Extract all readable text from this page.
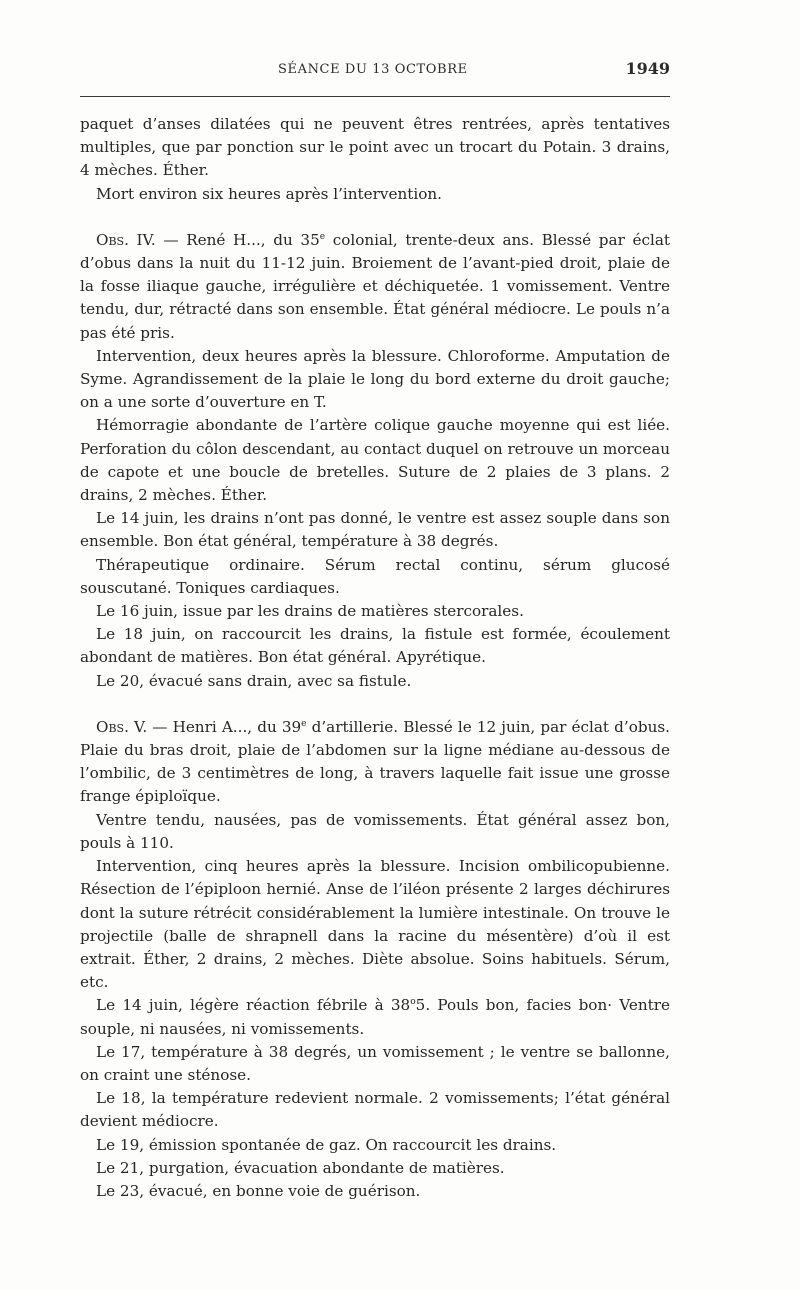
SÉANCE DU 13 OCTOBRE	1949

paquet d’anses dilatées qui ne peuvent êtres rentrées, après tentatives multiples, que par ponction sur le point avec un trocart du Potain. 3 drains, 4 mèches. Éther.

Mort environ six heures après l’intervention.

Obs. IV. — René H..., du 35e colonial, trente-deux ans. Blessé par éclat d’obus dans la nuit du 11-12 juin. Broiement de l’avant-pied droit, plaie de la fosse iliaque gauche, irrégulière et déchiquetée. 1 vomissement. Ventre tendu, dur, rétracté dans son ensemble. État général médiocre. Le pouls n’a pas été pris.

Intervention, deux heures après la blessure. Chloroforme. Amputation de Syme. Agrandissement de la plaie le long du bord externe du droit gauche; on a une sorte d’ouverture en T.

Hémorragie abondante de l’artère colique gauche moyenne qui est liée. Perforation du côlon descendant, au contact duquel on retrouve un morceau de capote et une boucle de bretelles. Suture de 2 plaies de 3 plans. 2 drains, 2 mèches. Éther.

Le 14 juin, les drains n’ont pas donné, le ventre est assez souple dans son ensemble. Bon état général, température à 38 degrés.

Thérapeutique ordinaire. Sérum rectal continu, sérum glucosé souscutané. Toniques cardiaques.

Le 16 juin, issue par les drains de matières stercorales.

Le 18 juin, on raccourcit les drains, la fistule est formée, écoulement abondant de matières. Bon état général. Apyrétique.

Le 20, évacué sans drain, avec sa fistule.

Obs. V. — Henri A..., du 39e d’artillerie. Blessé le 12 juin, par éclat d’obus. Plaie du bras droit, plaie de l’abdomen sur la ligne médiane au-dessous de l’ombilic, de 3 centimètres de long, à travers laquelle fait issue une grosse frange épiploïque.

Ventre tendu, nausées, pas de vomissements. État général assez bon, pouls à 110.

Intervention, cinq heures après la blessure. Incision ombilicopubienne. Résection de l’épiploon hernié. Anse de l’iléon présente 2 larges déchirures dont la suture rétrécit considérablement la lumière intestinale. On trouve le projectile (balle de shrapnell dans la racine du mésentère) d’où il est extrait. Éther, 2 drains, 2 mèches. Diète absolue. Soins habituels. Sérum, etc.

Le 14 juin, légère réaction fébrile à 38$^o$5. Pouls bon, facies bon· Ventre souple, ni nausées, ni vomissements.

Le 17, température à 38 degrés, un vomissement ; le ventre se ballonne, on craint une sténose.

Le 18, la température redevient normale. 2 vomissements; l’état général devient médiocre.

Le 19, émission spontanée de gaz. On raccourcit les drains.

Le 21, purgation, évacuation abondante de matières.

Le 23, évacué, en bonne voie de guérison.
